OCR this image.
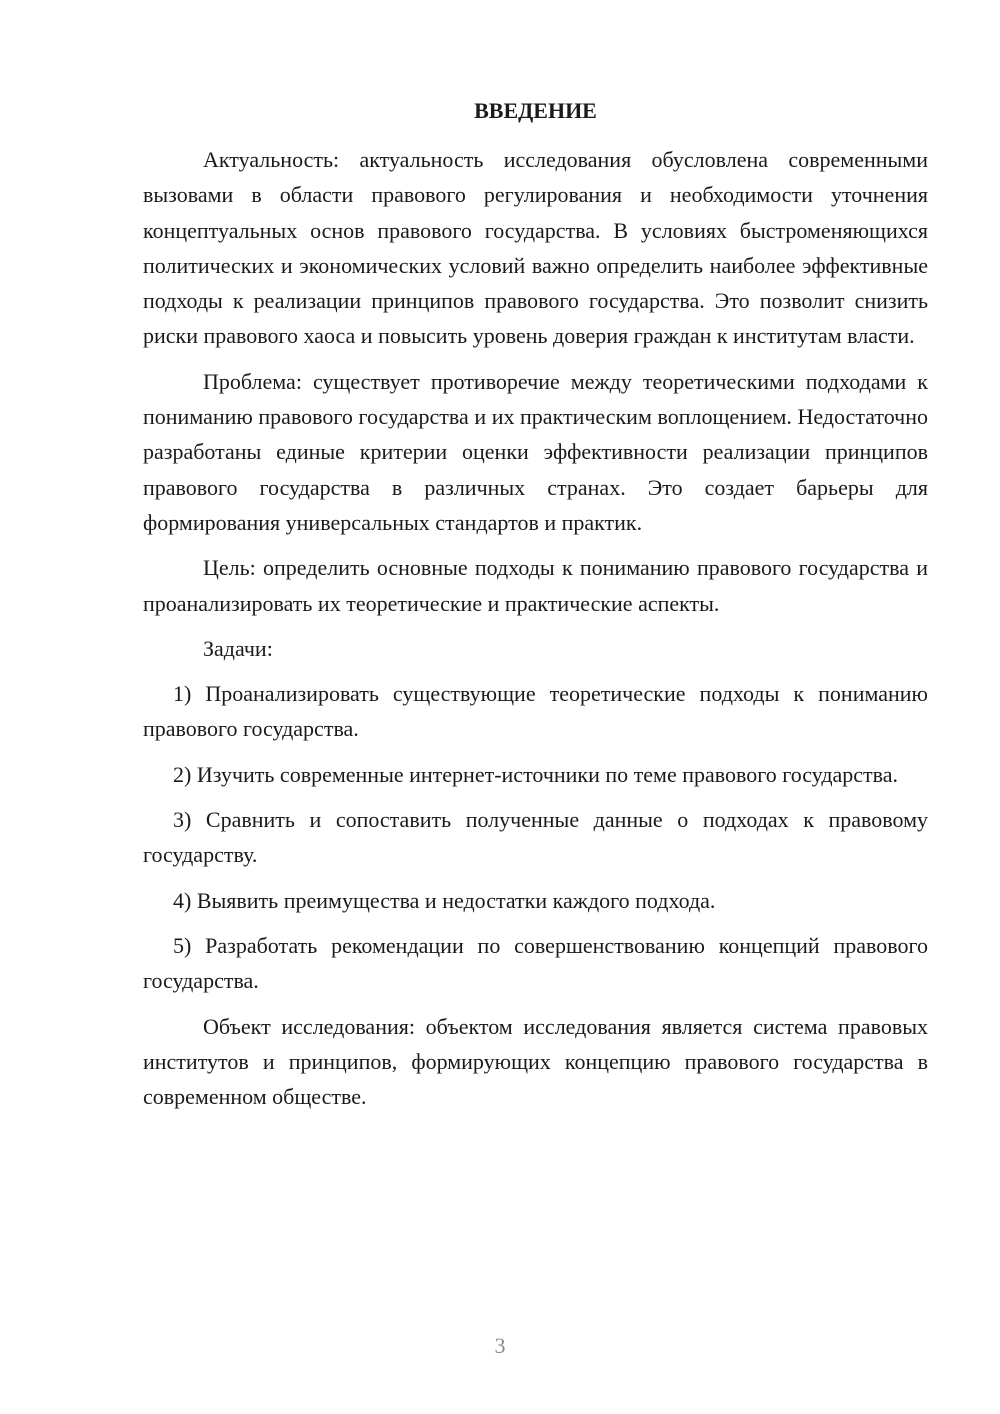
ВВЕДЕНИЕ

Актуальность: актуальность исследования обусловлена современными вызовами в области правового регулирования и необходимости уточнения концептуальных основ правового государства. В условиях быстроменяющихся политических и экономических условий важно определить наиболее эффективные подходы к реализации принципов правового государства. Это позволит снизить риски правового хаоса и повысить уровень доверия граждан к институтам власти.

Проблема: существует противоречие между теоретическими подходами к пониманию правового государства и их практическим воплощением. Недостаточно разработаны единые критерии оценки эффективности реализации принципов правового государства в различных странах. Это создает барьеры для формирования универсальных стандартов и практик.

Цель: определить основные подходы к пониманию правового государства и проанализировать их теоретические и практические аспекты.

Задачи:

1) Проанализировать существующие теоретические подходы к пониманию правового государства.

2) Изучить современные интернет-источники по теме правового государства.

3) Сравнить и сопоставить полученные данные о подходах к правовому государству.

4) Выявить преимущества и недостатки каждого подхода.

5) Разработать рекомендации по совершенствованию концепций правового государства.

Объект исследования: объектом исследования является система правовых институтов и принципов, формирующих концепцию правового государства в современном обществе.

3
